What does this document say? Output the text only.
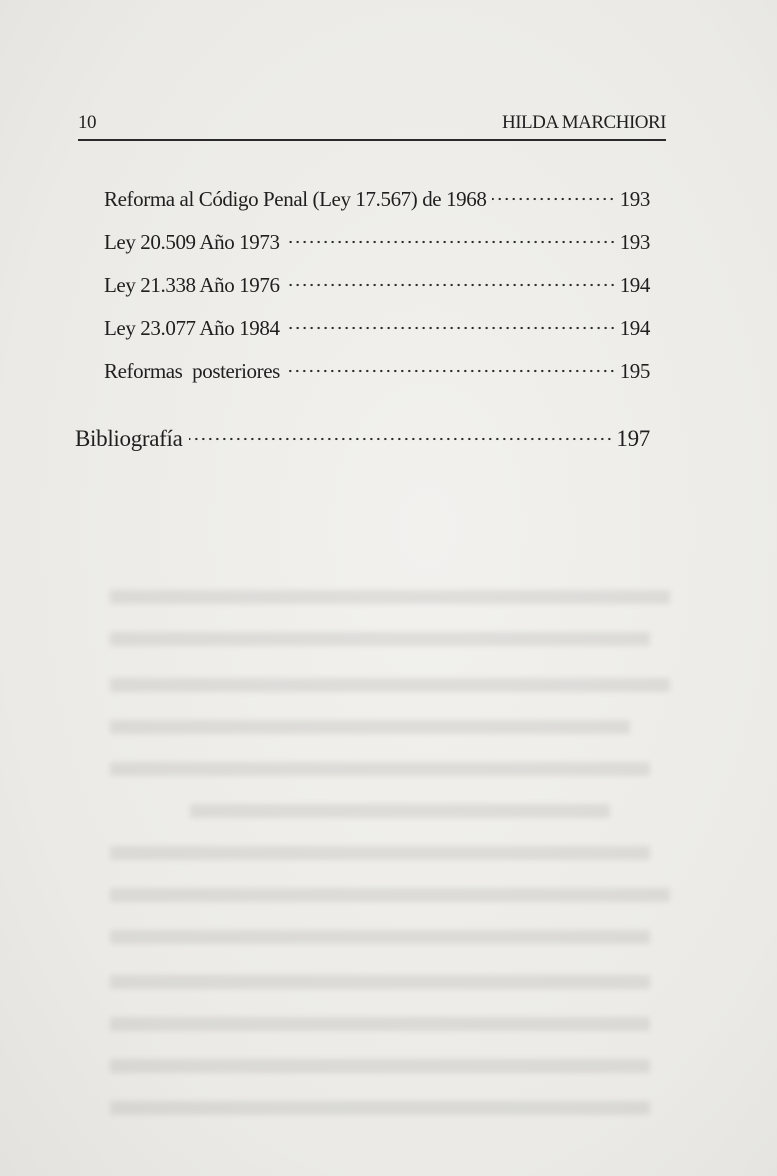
10	HILDA MARCHIORI
Reforma al Código Penal (Ley 17.567) de 1968	193
Ley 20.509 Año 1973	193
Ley 21.338 Año 1976	194
Ley 23.077 Año 1984	194
Reformas  posteriores	195
Bibliografía	197
